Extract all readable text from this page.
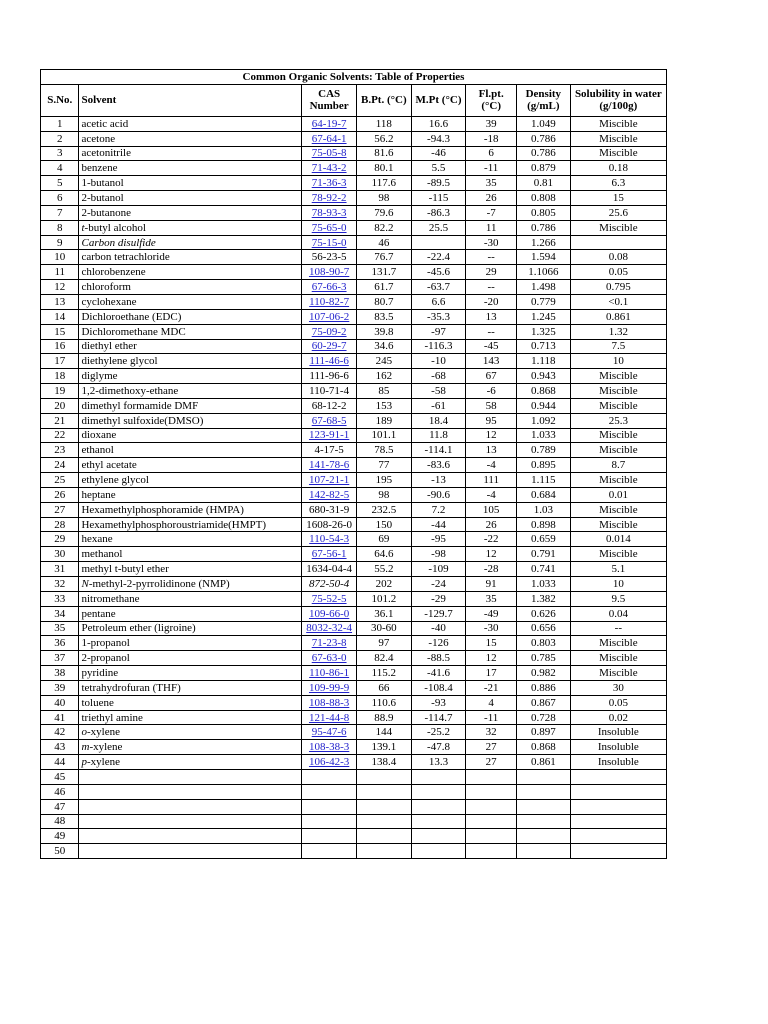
Common Organic Solvents: Table of Properties							
S.No.	Solvent	CAS Number	B.Pt. (°C)	M.Pt (°C)	Fl.pt. (°C)	Density (g/mL)	Solubility in water (g/100g)
1	acetic acid	64-19-7	118	16.6	39	1.049	Miscible
2	acetone	67-64-1	56.2	-94.3	-18	0.786	Miscible
3	acetonitrile	75-05-8	81.6	-46	6	0.786	Miscible
4	benzene	71-43-2	80.1	5.5	-11	0.879	0.18
5	1-butanol	71-36-3	117.6	-89.5	35	0.81	6.3
6	2-butanol	78-92-2	98	-115	26	0.808	15
7	2-butanone	78-93-3	79.6	-86.3	-7	0.805	25.6
8	t-butyl alcohol	75-65-0	82.2	25.5	11	0.786	Miscible
9	Carbon disulfide	75-15-0	46		-30	1.266	
10	carbon tetrachloride	56-23-5	76.7	-22.4	--	1.594	0.08
11	chlorobenzene	108-90-7	131.7	-45.6	29	1.1066	0.05
12	chloroform	67-66-3	61.7	-63.7	--	1.498	0.795
13	cyclohexane	110-82-7	80.7	6.6	-20	0.779	<0.1
14	Dichloroethane (EDC)	107-06-2	83.5	-35.3	13	1.245	0.861
15	Dichloromethane MDC	75-09-2	39.8	-97	--	1.325	1.32
16	diethyl ether	60-29-7	34.6	-116.3	-45	0.713	7.5
17	diethylene glycol	111-46-6	245	-10	143	1.118	10
18	diglyme	111-96-6	162	-68	67	0.943	Miscible
19	1,2-dimethoxy-ethane	110-71-4	85	-58	-6	0.868	Miscible
20	dimethyl formamide DMF	68-12-2	153	-61	58	0.944	Miscible
21	dimethyl sulfoxide(DMSO)	67-68-5	189	18.4	95	1.092	25.3
22	dioxane	123-91-1	101.1	11.8	12	1.033	Miscible
23	ethanol	4-17-5	78.5	-114.1	13	0.789	Miscible
24	ethyl acetate	141-78-6	77	-83.6	-4	0.895	8.7
25	ethylene glycol	107-21-1	195	-13	111	1.115	Miscible
26	heptane	142-82-5	98	-90.6	-4	0.684	0.01
27	Hexamethylphosphoramide (HMPA)	680-31-9	232.5	7.2	105	1.03	Miscible
28	Hexamethylphosphoroustriamide(HMPT)	1608-26-0	150	-44	26	0.898	Miscible
29	hexane	110-54-3	69	-95	-22	0.659	0.014
30	methanol	67-56-1	64.6	-98	12	0.791	Miscible
31	methyl t-butyl ether	1634-04-4	55.2	-109	-28	0.741	5.1
32	N-methyl-2-pyrrolidinone (NMP)	872-50-4	202	-24	91	1.033	10
33	nitromethane	75-52-5	101.2	-29	35	1.382	9.5
34	pentane	109-66-0	36.1	-129.7	-49	0.626	0.04
35	Petroleum ether (ligroine)	8032-32-4	30-60	-40	-30	0.656	--
36	1-propanol	71-23-8	97	-126	15	0.803	Miscible
37	2-propanol	67-63-0	82.4	-88.5	12	0.785	Miscible
38	pyridine	110-86-1	115.2	-41.6	17	0.982	Miscible
39	tetrahydrofuran (THF)	109-99-9	66	-108.4	-21	0.886	30
40	toluene	108-88-3	110.6	-93	4	0.867	0.05
41	triethyl amine	121-44-8	88.9	-114.7	-11	0.728	0.02
42	o-xylene	95-47-6	144	-25.2	32	0.897	Insoluble
43	m-xylene	108-38-3	139.1	-47.8	27	0.868	Insoluble
44	p-xylene	106-42-3	138.4	13.3	27	0.861	Insoluble
45							
46							
47							
48							
49							
50							
